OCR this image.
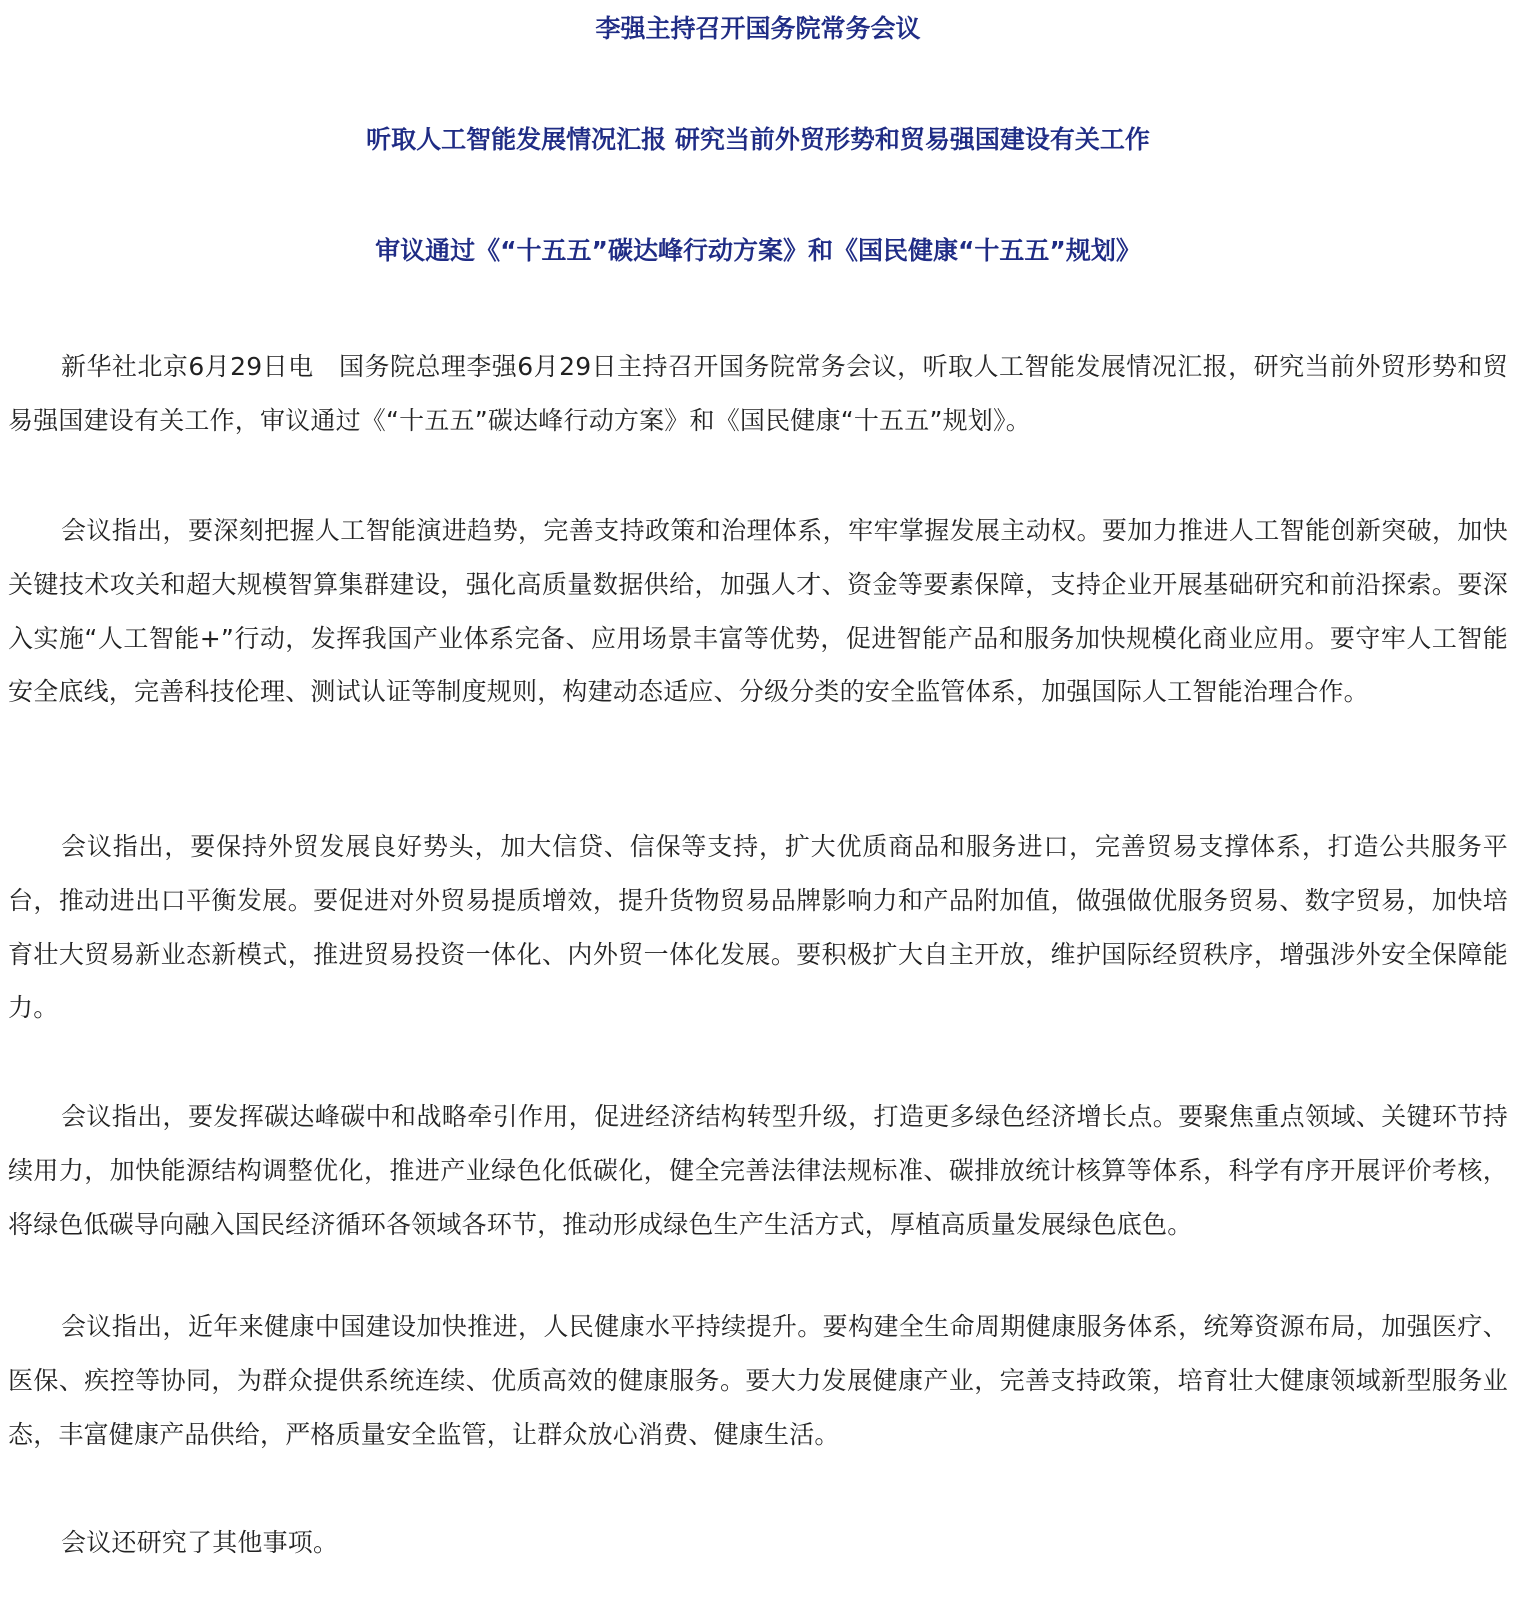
李强主持召开国务院常务会议
听取人工智能发展情况汇报 研究当前外贸形势和贸易强国建设有关工作
审议通过《“十五五”碳达峰行动方案》和《国民健康“十五五”规划》

新华社北京6月29日电　国务院总理李强6月29日主持召开国务院常务会议，听取人工智能发展情况汇报，研究当前外贸形势和贸易强国建设有关工作，审议通过《“十五五”碳达峰行动方案》和《国民健康“十五五”规划》。

会议指出，要深刻把握人工智能演进趋势，完善支持政策和治理体系，牢牢掌握发展主动权。要加力推进人工智能创新突破，加快关键技术攻关和超大规模智算集群建设，强化高质量数据供给，加强人才、资金等要素保障，支持企业开展基础研究和前沿探索。要深入实施“人工智能+”行动，发挥我国产业体系完备、应用场景丰富等优势，促进智能产品和服务加快规模化商业应用。要守牢人工智能安全底线，完善科技伦理、测试认证等制度规则，构建动态适应、分级分类的安全监管体系，加强国际人工智能治理合作。

会议指出，要保持外贸发展良好势头，加大信贷、信保等支持，扩大优质商品和服务进口，完善贸易支撑体系，打造公共服务平台，推动进出口平衡发展。要促进对外贸易提质增效，提升货物贸易品牌影响力和产品附加值，做强做优服务贸易、数字贸易，加快培育壮大贸易新业态新模式，推进贸易投资一体化、内外贸一体化发展。要积极扩大自主开放，维护国际经贸秩序，增强涉外安全保障能力。

会议指出，要发挥碳达峰碳中和战略牵引作用，促进经济结构转型升级，打造更多绿色经济增长点。要聚焦重点领域、关键环节持续用力，加快能源结构调整优化，推进产业绿色化低碳化，健全完善法律法规标准、碳排放统计核算等体系，科学有序开展评价考核，将绿色低碳导向融入国民经济循环各领域各环节，推动形成绿色生产生活方式，厚植高质量发展绿色底色。

会议指出，近年来健康中国建设加快推进，人民健康水平持续提升。要构建全生命周期健康服务体系，统筹资源布局，加强医疗、医保、疾控等协同，为群众提供系统连续、优质高效的健康服务。要大力发展健康产业，完善支持政策，培育壮大健康领域新型服务业态，丰富健康产品供给，严格质量安全监管，让群众放心消费、健康生活。

会议还研究了其他事项。
